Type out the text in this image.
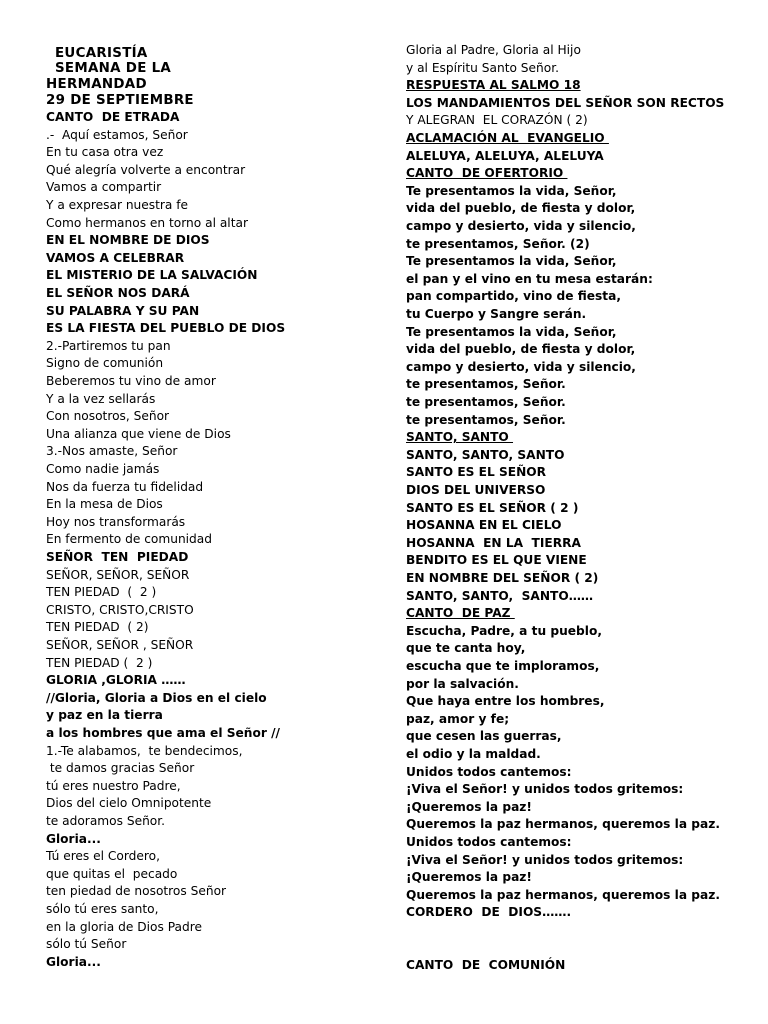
EUCARISTÍA
SEMANA DE LA
HERMANDAD
29 DE SEPTIEMBRE
CANTO  DE ETRADA
.-  Aquí estamos, Señor
En tu casa otra vez
Qué alegría volverte a encontrar
Vamos a compartir
Y a expresar nuestra fe
Como hermanos en torno al altar
EN EL NOMBRE DE DIOS
VAMOS A CELEBRAR
EL MISTERIO DE LA SALVACIÓN
EL SEÑOR NOS DARÁ
SU PALABRA Y SU PAN
ES LA FIESTA DEL PUEBLO DE DIOS
2.-Partiremos tu pan
Signo de comunión
Beberemos tu vino de amor
Y a la vez sellarás
Con nosotros, Señor
Una alianza que viene de Dios
3.-Nos amaste, Señor
Como nadie jamás
Nos da fuerza tu fidelidad
En la mesa de Dios
Hoy nos transformarás
En fermento de comunidad
SEÑOR  TEN  PIEDAD
SEÑOR, SEÑOR, SEÑOR
TEN PIEDAD  (  2 )
CRISTO, CRISTO,CRISTO
TEN PIEDAD  ( 2)
SEÑOR, SEÑOR , SEÑOR
TEN PIEDAD (  2 )
GLORIA ,GLORIA ……
//Gloria, Gloria a Dios en el cielo
y paz en la tierra
a los hombres que ama el Señor //
1.-Te alabamos,  te bendecimos,
te damos gracias Señor
tú eres nuestro Padre,
Dios del cielo Omnipotente
te adoramos Señor.
Gloria...
Tú eres el Cordero,
que quitas el  pecado
ten piedad de nosotros Señor
sólo tú eres santo,
en la gloria de Dios Padre
sólo tú Señor
Gloria...
Gloria al Padre, Gloria al Hijo
y al Espíritu Santo Señor.
RESPUESTA AL SALMO 18
LOS MANDAMIENTOS DEL SEÑOR SON RECTOS
Y ALEGRAN  EL CORAZÓN ( 2)
ACLAMACIÓN AL  EVANGELIO
ALELUYA, ALELUYA, ALELUYA
CANTO  DE OFERTORIO
Te presentamos la vida, Señor,
vida del pueblo, de fiesta y dolor,
campo y desierto, vida y silencio,
te presentamos, Señor. (2)
Te presentamos la vida, Señor,
el pan y el vino en tu mesa estarán:
pan compartido, vino de fiesta,
tu Cuerpo y Sangre serán.
Te presentamos la vida, Señor,
vida del pueblo, de fiesta y dolor,
campo y desierto, vida y silencio,
te presentamos, Señor.
te presentamos, Señor.
te presentamos, Señor.
SANTO, SANTO
SANTO, SANTO, SANTO
SANTO ES EL SEÑOR
DIOS DEL UNIVERSO
SANTO ES EL SEÑOR ( 2 )
HOSANNA EN EL CIELO
HOSANNA  EN LA  TIERRA
BENDITO ES EL QUE VIENE
EN NOMBRE DEL SEÑOR ( 2)
SANTO, SANTO,  SANTO……
CANTO  DE PAZ
Escucha, Padre, a tu pueblo,
que te canta hoy,
escucha que te imploramos,
por la salvación.
Que haya entre los hombres,
paz, amor y fe;
que cesen las guerras,
el odio y la maldad.
Unidos todos cantemos:
¡Viva el Señor! y unidos todos gritemos:
¡Queremos la paz!
Queremos la paz hermanos, queremos la paz.
Unidos todos cantemos:
¡Viva el Señor! y unidos todos gritemos:
¡Queremos la paz!
Queremos la paz hermanos, queremos la paz.
CORDERO  DE  DIOS…….
CANTO  DE  COMUNIÓN
